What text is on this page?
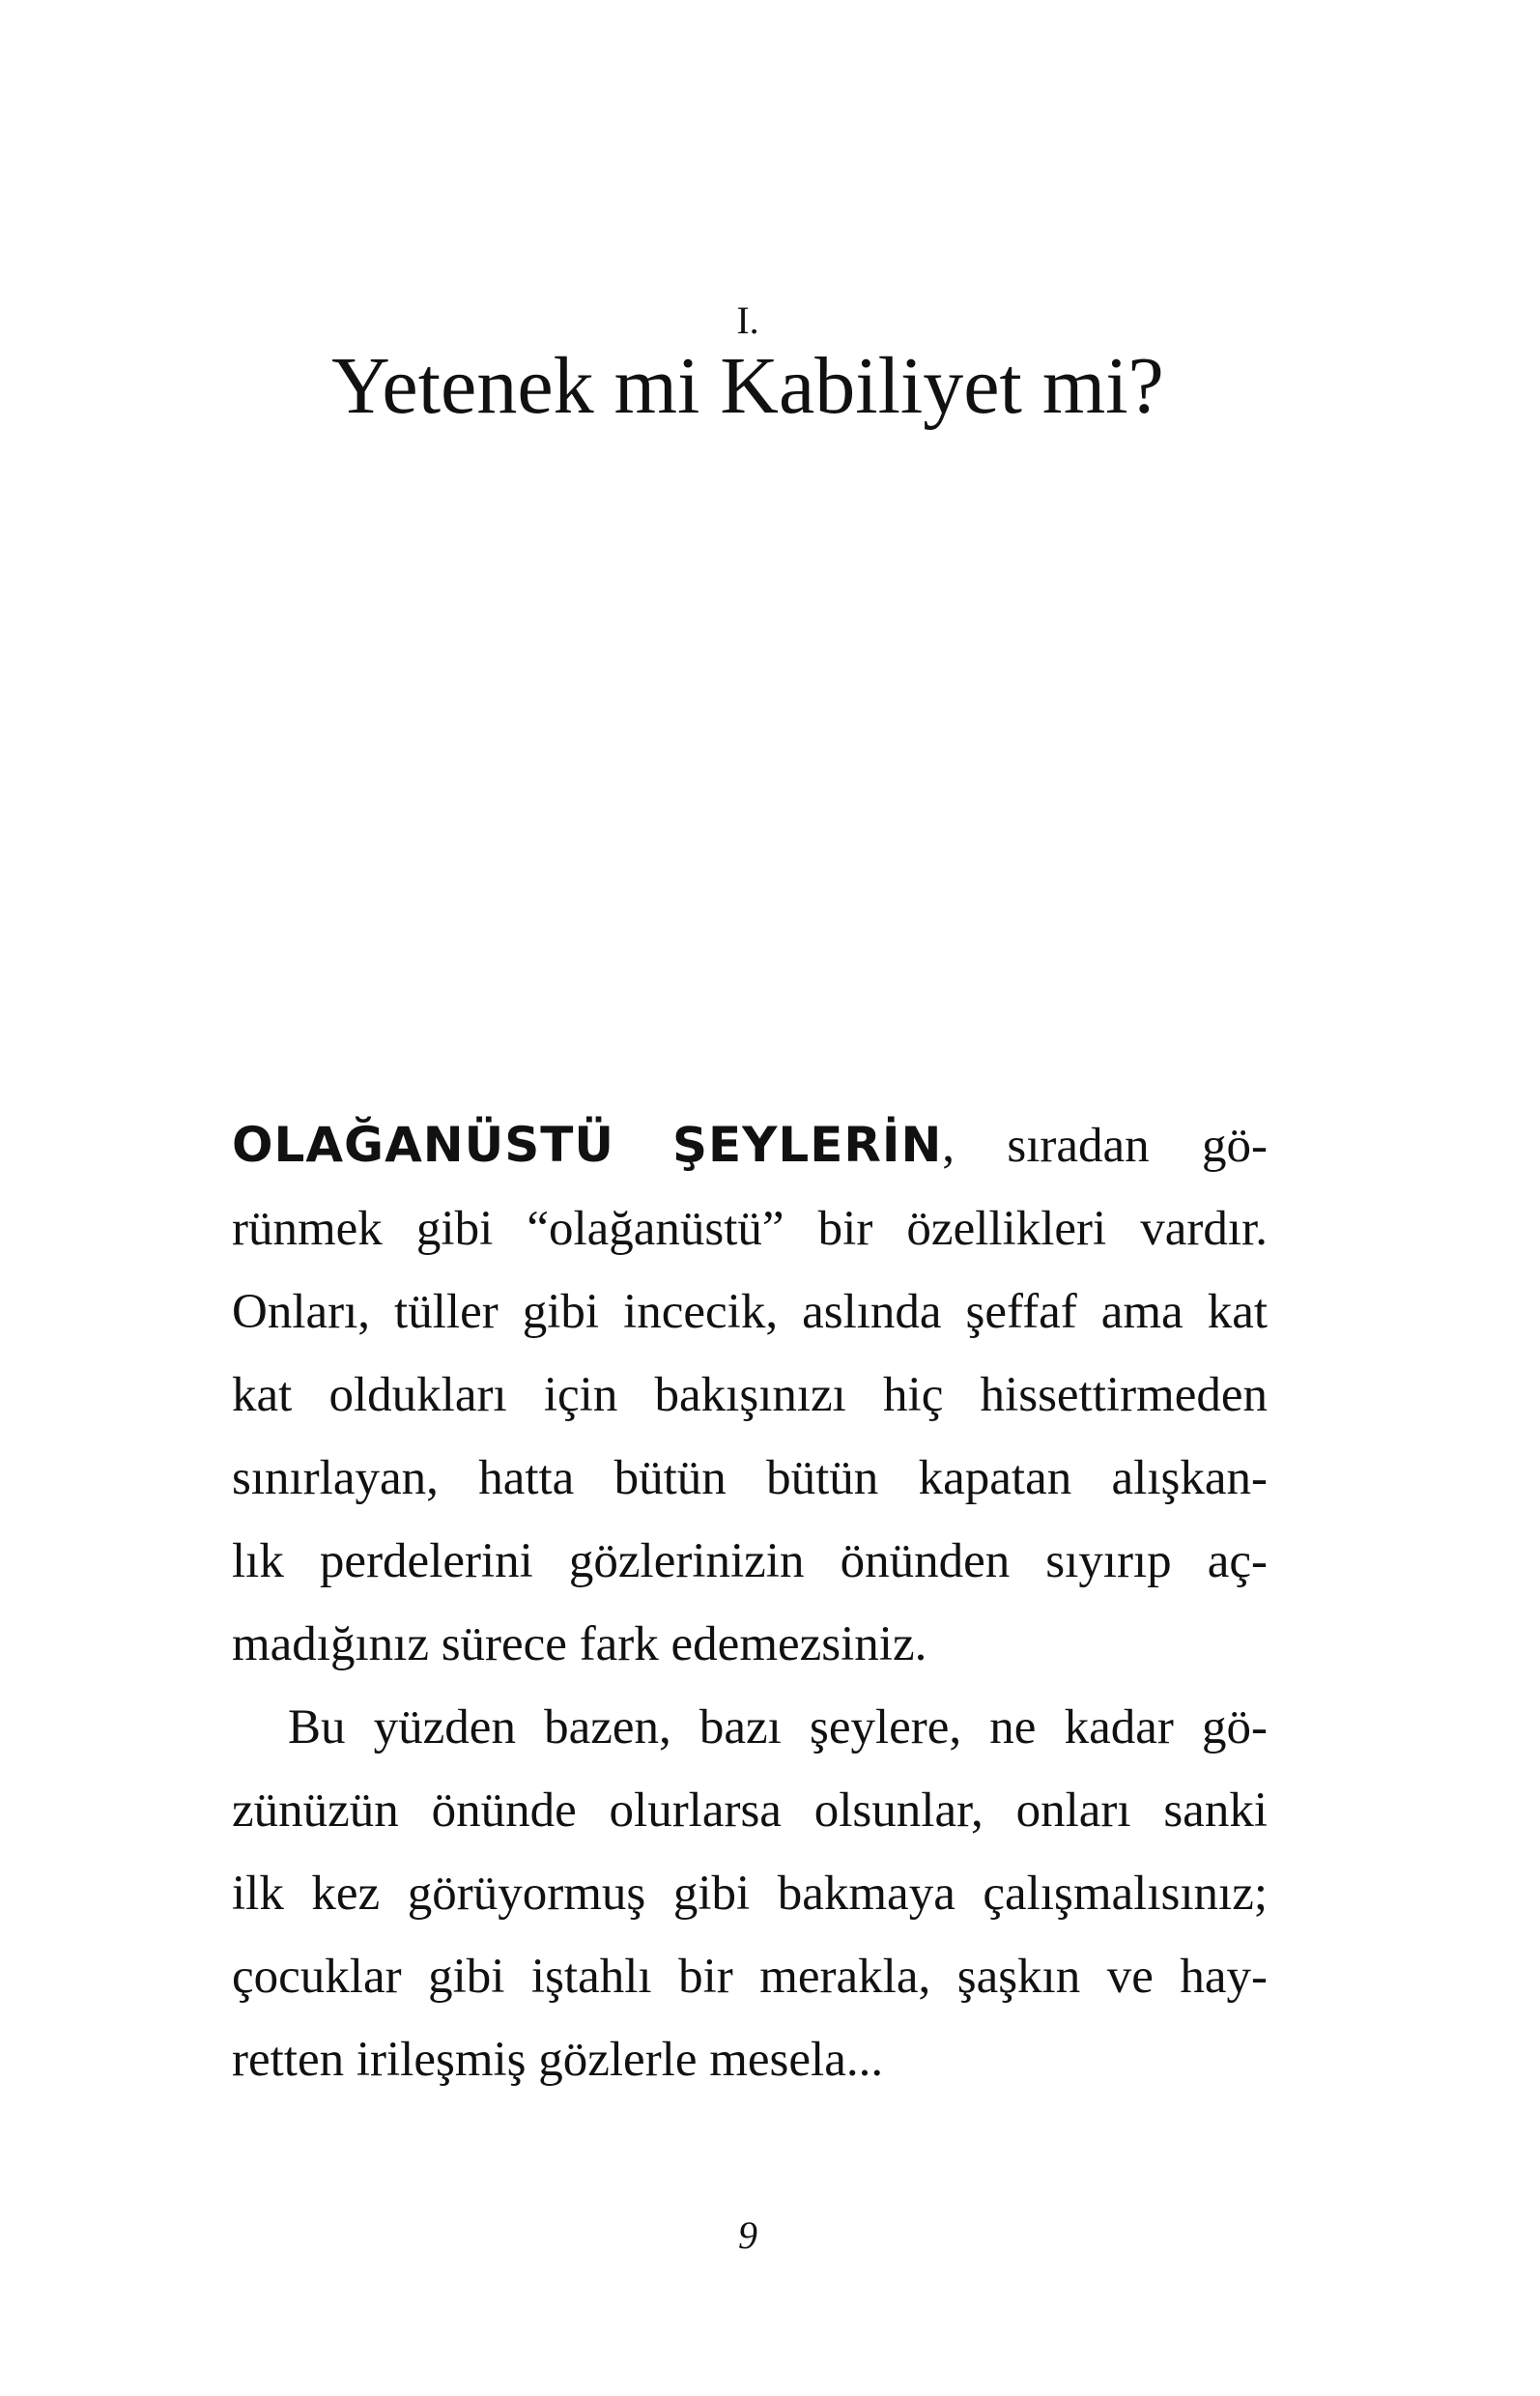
I.
Yetenek mi Kabiliyet mi?
OLAĞANÜSTÜ ŞEYLERİN, sıradan gö-
rünmek gibi “olağanüstü” bir özellikleri vardır.
Onları, tüller gibi incecik, aslında şeffaf ama kat
kat oldukları için bakışınızı hiç hissettirmeden
sınırlayan, hatta bütün bütün kapatan alışkan-
lık perdelerini gözlerinizin önünden sıyırıp aç-
madığınız sürece fark edemezsiniz.
Bu yüzden bazen, bazı şeylere, ne kadar gö-
zünüzün önünde olurlarsa olsunlar, onları sanki
ilk kez görüyormuş gibi bakmaya çalışmalısınız;
çocuklar gibi iştahlı bir merakla, şaşkın ve hay-
retten irileşmiş gözlerle mesela...
9
